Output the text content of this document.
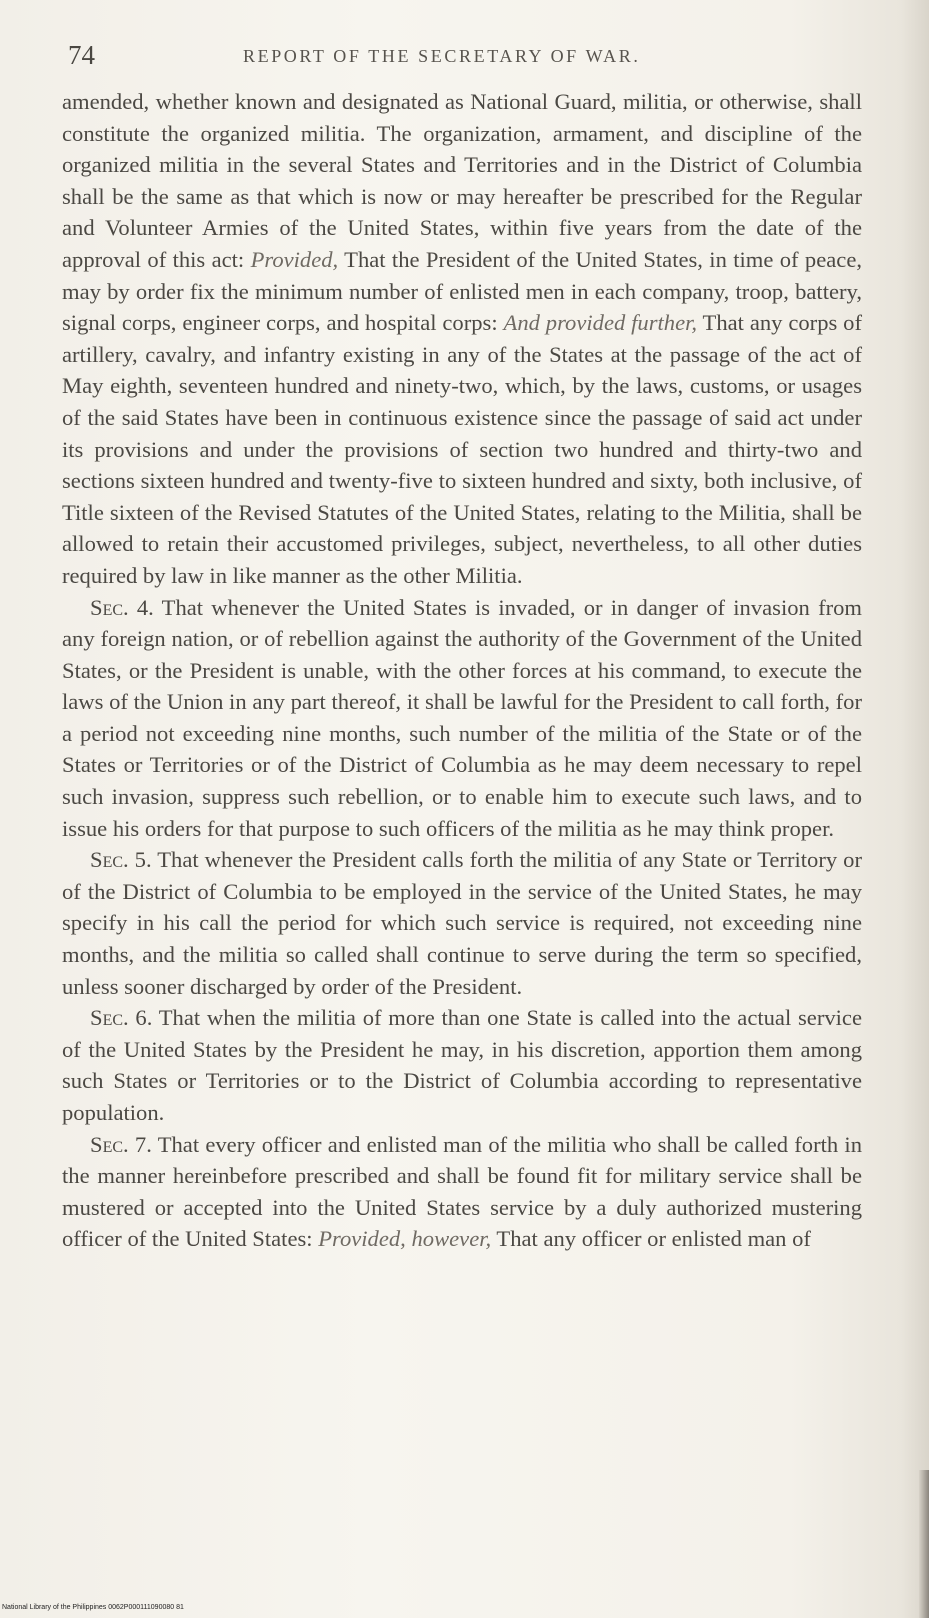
74	REPORT OF THE SECRETARY OF WAR.

amended, whether known and designated as National Guard, militia, or otherwise, shall constitute the organized militia. The organization, armament, and discipline of the organized militia in the several States and Territories and in the District of Columbia shall be the same as that which is now or may hereafter be prescribed for the Regular and Volunteer Armies of the United States, within five years from the date of the approval of this act: Provided, That the President of the United States, in time of peace, may by order fix the minimum number of enlisted men in each company, troop, battery, signal corps, engineer corps, and hospital corps: And provided further, That any corps of artillery, cavalry, and infantry existing in any of the States at the passage of the act of May eighth, seventeen hundred and ninety-two, which, by the laws, customs, or usages of the said States have been in continuous existence since the passage of said act under its provisions and under the provisions of section two hundred and thirty-two and sections sixteen hundred and twenty-five to sixteen hundred and sixty, both inclusive, of Title sixteen of the Revised Statutes of the United States, relating to the Militia, shall be allowed to retain their accustomed privileges, subject, nevertheless, to all other duties required by law in like manner as the other Militia.

Sec. 4. That whenever the United States is invaded, or in danger of invasion from any foreign nation, or of rebellion against the authority of the Government of the United States, or the President is unable, with the other forces at his command, to execute the laws of the Union in any part thereof, it shall be lawful for the President to call forth, for a period not exceeding nine months, such number of the militia of the State or of the States or Territories or of the District of Columbia as he may deem necessary to repel such invasion, suppress such rebellion, or to enable him to execute such laws, and to issue his orders for that purpose to such officers of the militia as he may think proper.

Sec. 5. That whenever the President calls forth the militia of any State or Territory or of the District of Columbia to be employed in the service of the United States, he may specify in his call the period for which such service is required, not exceeding nine months, and the militia so called shall continue to serve during the term so specified, unless sooner discharged by order of the President.

Sec. 6. That when the militia of more than one State is called into the actual service of the United States by the President he may, in his discretion, apportion them among such States or Territories or to the District of Columbia according to representative population.

Sec. 7. That every officer and enlisted man of the militia who shall be called forth in the manner hereinbefore prescribed and shall be found fit for military service shall be mustered or accepted into the United States service by a duly authorized mustering officer of the United States: Provided, however, That any officer or enlisted man of

National Library of the Philippines 0062P000111090080 81
